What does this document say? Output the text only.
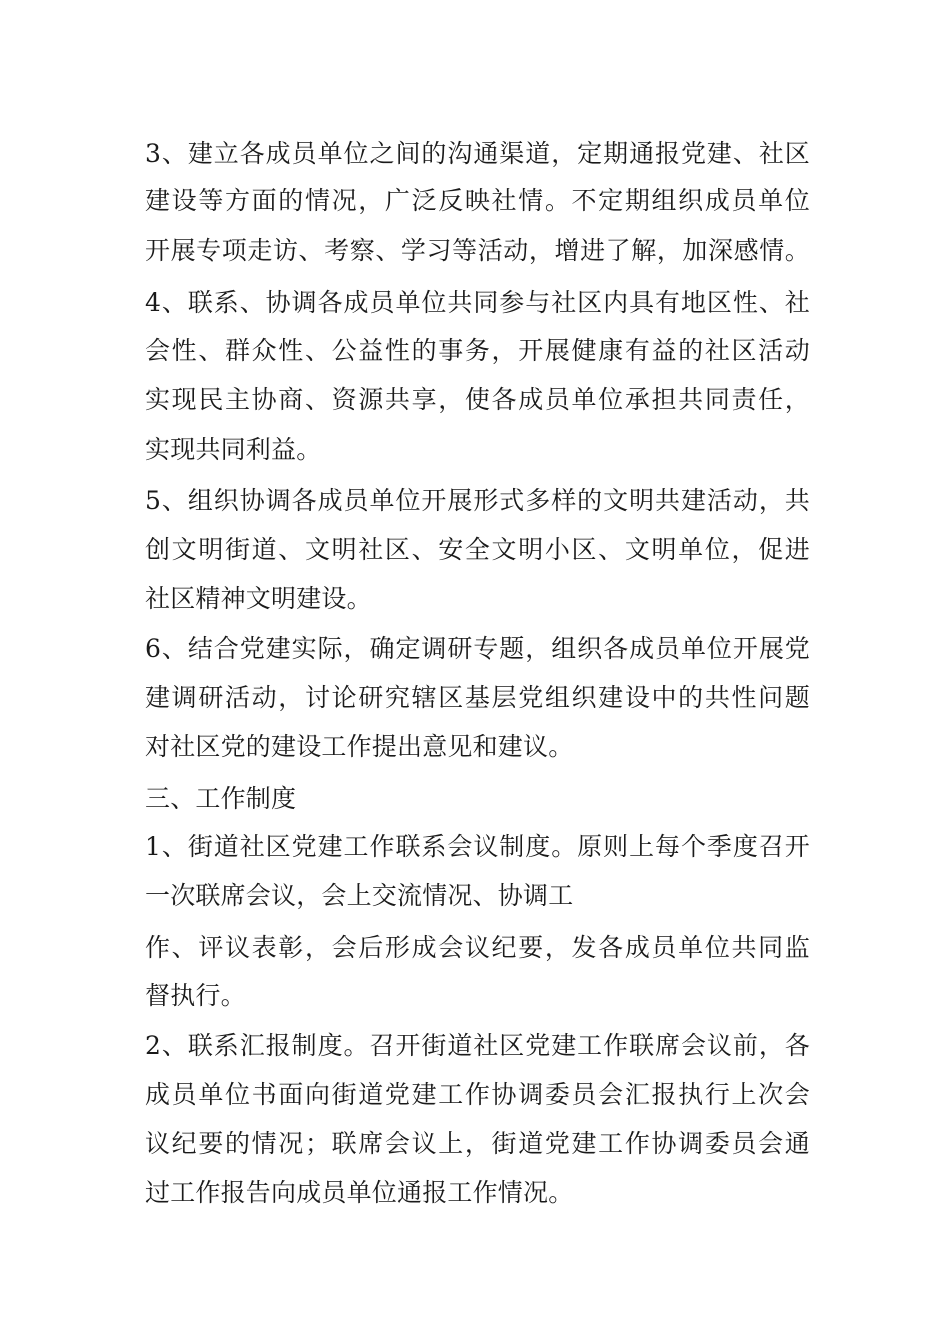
3、建立各成员单位之间的沟通渠道，定期通报党建、社区
建设等方面的情况，广泛反映社情。不定期组织成员单位
开展专项走访、考察、学习等活动，增进了解，加深感情。
4、联系、协调各成员单位共同参与社区内具有地区性、社
会性、群众性、公益性的事务，开展健康有益的社区活动
实现民主协商、资源共享，使各成员单位承担共同责任，
实现共同利益。
5、组织协调各成员单位开展形式多样的文明共建活动，共
创文明街道、文明社区、安全文明小区、文明单位，促进
社区精神文明建设。
6、结合党建实际，确定调研专题，组织各成员单位开展党
建调研活动，讨论研究辖区基层党组织建设中的共性问题
对社区党的建设工作提出意见和建议。
三、工作制度
1、街道社区党建工作联系会议制度。原则上每个季度召开
一次联席会议，会上交流情况、协调工
作、评议表彰，会后形成会议纪要，发各成员单位共同监
督执行。
2、联系汇报制度。召开街道社区党建工作联席会议前，各
成员单位书面向街道党建工作协调委员会汇报执行上次会
议纪要的情况；联席会议上，街道党建工作协调委员会通
过工作报告向成员单位通报工作情况。
